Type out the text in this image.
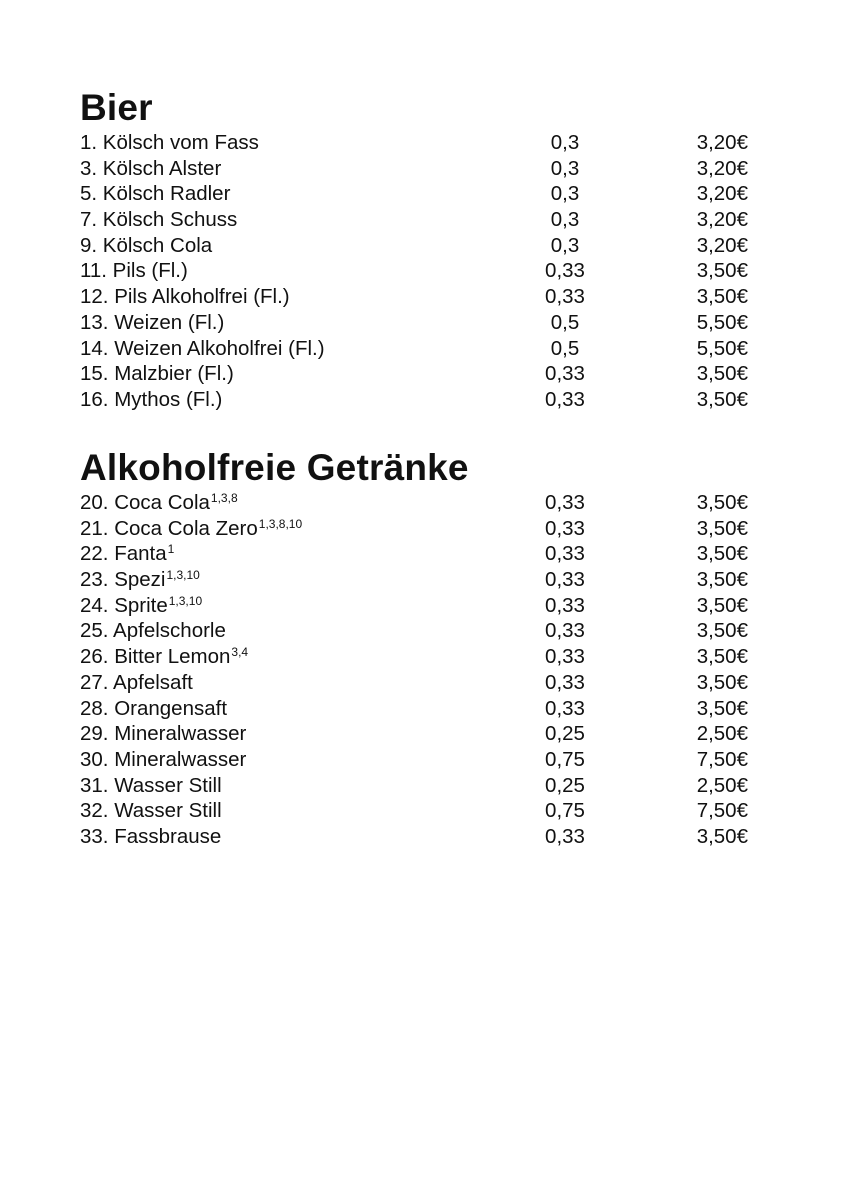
Bier
1. Kölsch vom Fass	0,3	3,20€
3. Kölsch Alster	0,3	3,20€
5. Kölsch Radler	0,3	3,20€
7. Kölsch Schuss	0,3	3,20€
9. Kölsch Cola	0,3	3,20€
11. Pils (Fl.)	0,33	3,50€
12. Pils Alkoholfrei (Fl.)	0,33	3,50€
13. Weizen (Fl.)	0,5	5,50€
14. Weizen Alkoholfrei (Fl.)	0,5	5,50€
15. Malzbier (Fl.)	0,33	3,50€
16. Mythos (Fl.)	0,33	3,50€
Alkoholfreie Getränke
20. Coca Cola$^{1,3,8}$	0,33	3,50€
21. Coca Cola Zero$^{1,3,8,10}$	0,33	3,50€
22. Fanta$^1$	0,33	3,50€
23. Spezi$^{1,3,10}$	0,33	3,50€
24. Sprite$^{1,3,10}$	0,33	3,50€
25. Apfelschorle	0,33	3,50€
26. Bitter Lemon$^{3,4}$	0,33	3,50€
27. Apfelsaft	0,33	3,50€
28. Orangensaft	0,33	3,50€
29. Mineralwasser	0,25	2,50€
30. Mineralwasser	0,75	7,50€
31. Wasser Still	0,25	2,50€
32. Wasser Still	0,75	7,50€
33. Fassbrause	0,33	3,50€
